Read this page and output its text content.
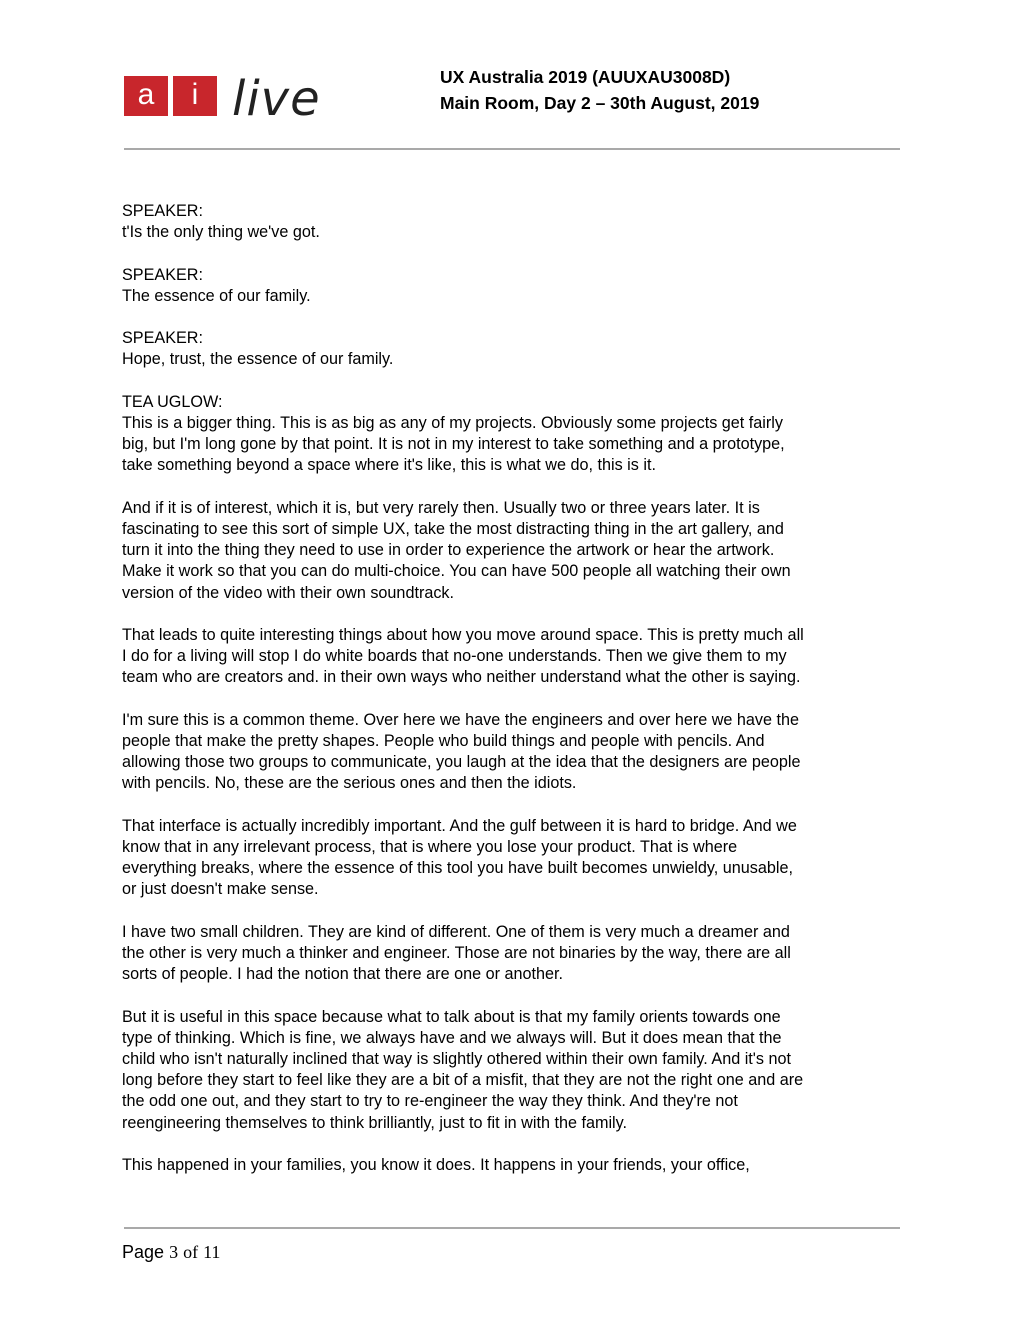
a	i live	UX Australia 2019 (AUUXAU3008D)
Main Room, Day 2 – 30th August, 2019
SPEAKER:
t'Is the only thing we've got.
SPEAKER:
The essence of our family.
SPEAKER:
Hope, trust, the essence of our family.
TEA UGLOW:
This is a bigger thing. This is as big as any of my projects. Obviously some projects get fairly
big, but I'm long gone by that point. It is not in my interest to take something and a prototype,
take something beyond a space where it's like, this is what we do, this is it.
And if it is of interest, which it is, but very rarely then. Usually two or three years later. It is
fascinating to see this sort of simple UX, take the most distracting thing in the art gallery, and
turn it into the thing they need to use in order to experience the artwork or hear the artwork.
Make it work so that you can do multi-choice. You can have 500 people all watching their own
version of the video with their own soundtrack.
That leads to quite interesting things about how you move around space. This is pretty much all
I do for a living will stop I do white boards that no-one understands. Then we give them to my
team who are creators and. in their own ways who neither understand what the other is saying.
I'm sure this is a common theme. Over here we have the engineers and over here we have the
people that make the pretty shapes. People who build things and people with pencils. And
allowing those two groups to communicate, you laugh at the idea that the designers are people
with pencils. No, these are the serious ones and then the idiots.
That interface is actually incredibly important. And the gulf between it is hard to bridge. And we
know that in any irrelevant process, that is where you lose your product. That is where
everything breaks, where the essence of this tool you have built becomes unwieldy, unusable,
or just doesn't make sense.
I have two small children. They are kind of different. One of them is very much a dreamer and
the other is very much a thinker and engineer. Those are not binaries by the way, there are all
sorts of people. I had the notion that there are one or another.
But it is useful in this space because what to talk about is that my family orients towards one
type of thinking. Which is fine, we always have and we always will. But it does mean that the
child who isn't naturally inclined that way is slightly othered within their own family. And it's not
long before they start to feel like they are a bit of a misfit, that they are not the right one and are
the odd one out, and they start to try to re-engineer the way they think. And they're not
reengineering themselves to think brilliantly, just to fit in with the family.
This happened in your families, you know it does. It happens in your friends, your office,
Page 3 of 11
